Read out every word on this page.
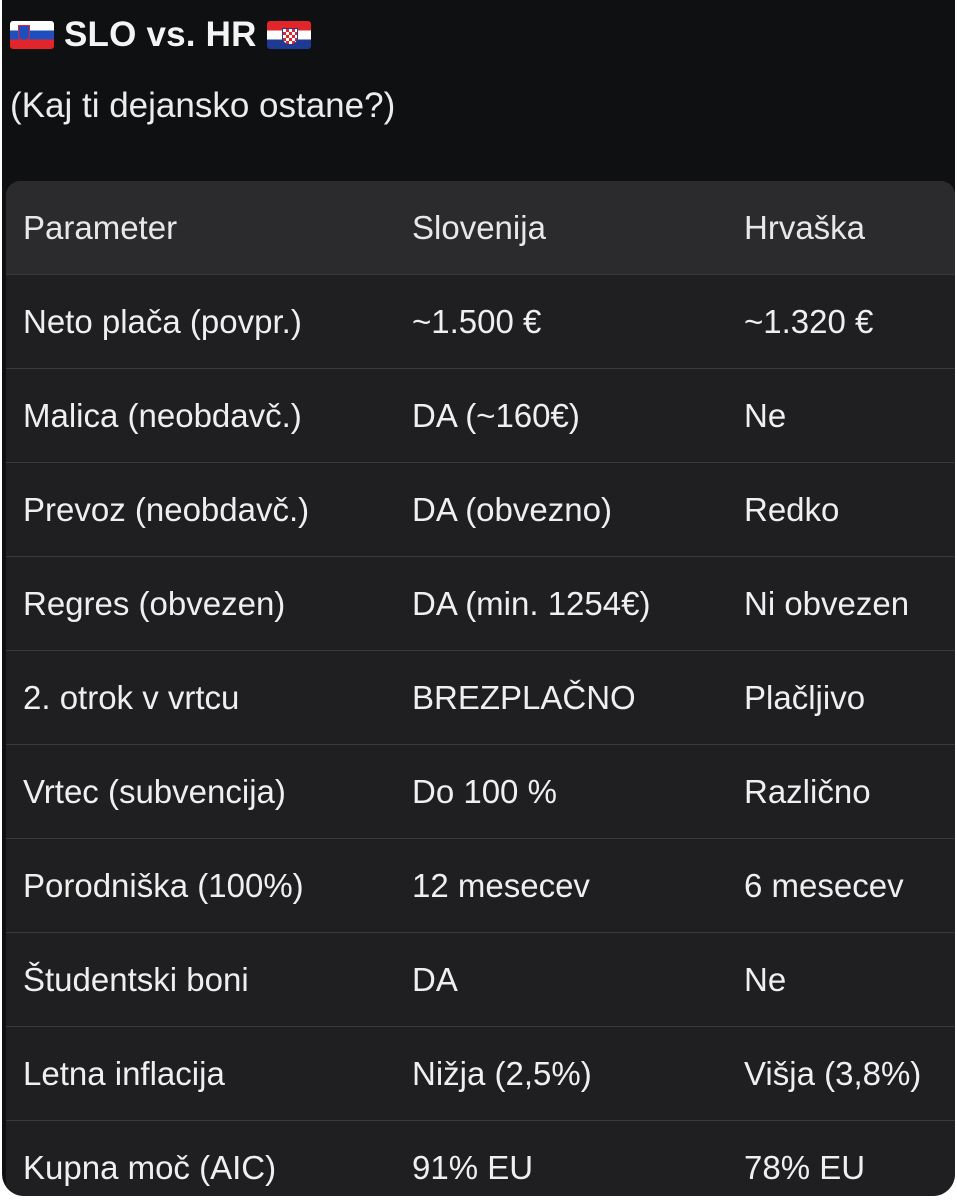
SLO vs. HR
(Kaj ti dejansko ostane?)
Parameter	Slovenija	Hrvaška
Neto plača (povpr.)	~1.500 €	~1.320 €
Malica (neobdavč.)	DA (~160€)	Ne
Prevoz (neobdavč.)	DA (obvezno)	Redko
Regres (obvezen)	DA (min. 1254€)	Ni obvezen
2. otrok v vrtcu	BREZPLAČNO	Plačljivo
Vrtec (subvencija)	Do 100 %	Različno
Porodniška (100%)	12 mesecev	6 mesecev
Študentski boni	DA	Ne
Letna inflacija	Nižja (2,5%)	Višja (3,8%)
Kupna moč (AIC)	91% EU	78% EU
